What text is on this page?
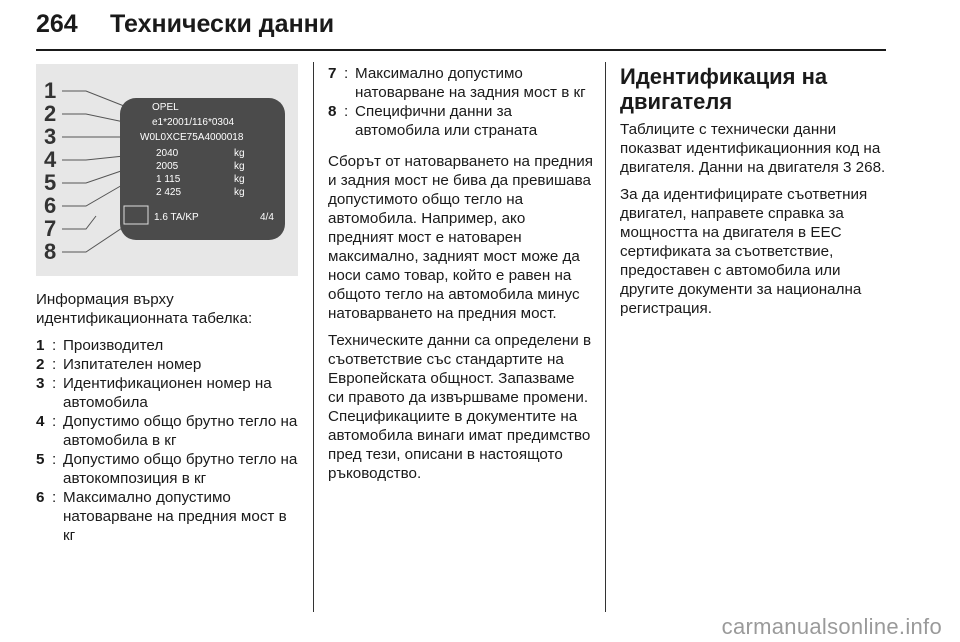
264 Технически данни
1
2
3
4
5
6
7
8
OPEL
e1*2001/116*0304
W0L0XCE75A4000018
2040
2005
1 115
2 425
kg
kg
kg
kg
1.6 TA/KP	4/4

Информация върху идентификационната табелка:

1 : Производител
2 : Изпитателен номер
3 : Идентификационен номер на автомобила
4 : Допустимо общо брутно тегло на автомобила в кг
5 : Допустимо общо брутно тегло на автокомпозиция в кг
6 : Максимално допустимо натоварване на предния мост в кг
7 : Максимално допустимо натоварване на задния мост в кг
8 : Специфични данни за автомобила или страната

Сборът от натоварването на предния и задния мост не бива да превишава допустимото общо тегло на автомобила. Например, ако предният мост е натоварен максимално, задният мост може да носи само товар, който е равен на общото тегло на автомобила минус натоварването на предния мост.

Техническите данни са определени в съответствие със стандартите на Европейската общност. Запазваме си правото да извършваме промени. Спецификациите в документите на автомобила винаги имат предимство пред тези, описани в настоящото ръководство.

Идентификация на двигателя

Таблиците с технически данни показват идентификационния код на двигателя. Данни на двигателя 3 268.

За да идентифицирате съответния двигател, направете справка за мощността на двигателя в EEC сертификата за съответствие, предоставен с автомобила или другите документи за национална регистрация.

carmanualsonline.info
